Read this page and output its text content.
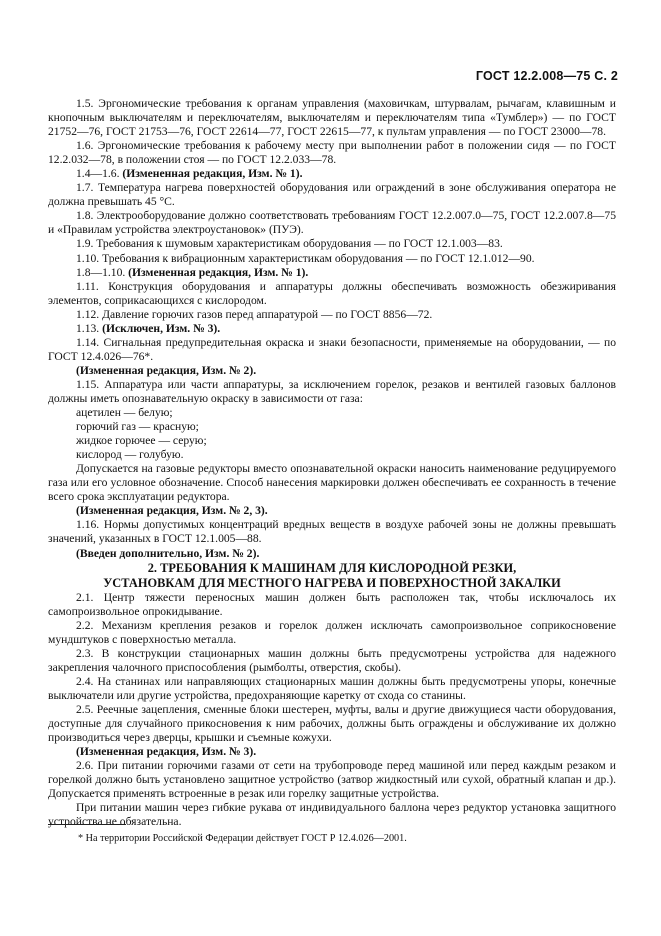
ГОСТ 12.2.008—75 С. 2

1.5. Эргономические требования к органам управления (маховичкам, штурвалам, рычагам, клавишным и кнопочным выключателям и переключателям, выключателям и переключателям типа «Тумблер») — по ГОСТ 21752—76, ГОСТ 21753—76, ГОСТ 22614—77, ГОСТ 22615—77, к пультам управления — по ГОСТ 23000—78.

1.6. Эргономические требования к рабочему месту при выполнении работ в положении сидя — по ГОСТ 12.2.032—78, в положении стоя — по ГОСТ 12.2.033—78.

1.4—1.6. (Измененная редакция, Изм. № 1).

1.7. Температура нагрева поверхностей оборудования или ограждений в зоне обслуживания оператора не должна превышать 45 °С.

1.8. Электрооборудование должно соответствовать требованиям ГОСТ 12.2.007.0—75, ГОСТ 12.2.007.8—75 и «Правилам устройства электроустановок» (ПУЭ).

1.9. Требования к шумовым характеристикам оборудования — по ГОСТ 12.1.003—83.

1.10. Требования к вибрационным характеристикам оборудования — по ГОСТ 12.1.012—90.

1.8—1.10. (Измененная редакция, Изм. № 1).

1.11. Конструкция оборудования и аппаратуры должны обеспечивать возможность обезжиривания элементов, соприкасающихся с кислородом.

1.12. Давление горючих газов перед аппаратурой — по ГОСТ 8856—72.

1.13. (Исключен, Изм. № 3).

1.14. Сигнальная предупредительная окраска и знаки безопасности, применяемые на оборудовании, — по ГОСТ 12.4.026—76*.

(Измененная редакция, Изм. № 2).

1.15. Аппаратура или части аппаратуры, за исключением горелок, резаков и вентилей газовых баллонов должны иметь опознавательную окраску в зависимости от газа:

ацетилен — белую;

горючий газ — красную;

жидкое горючее — серую;

кислород — голубую.

Допускается на газовые редукторы вместо опознавательной окраски наносить наименование редуцируемого газа или его условное обозначение. Способ нанесения маркировки должен обеспечивать ее сохранность в течение всего срока эксплуатации редуктора.

(Измененная редакция, Изм. № 2, 3).

1.16. Нормы допустимых концентраций вредных веществ в воздухе рабочей зоны не должны превышать значений, указанных в ГОСТ 12.1.005—88.

(Введен дополнительно, Изм. № 2).

2. ТРЕБОВАНИЯ К МАШИНАМ ДЛЯ КИСЛОРОДНОЙ РЕЗКИ,
УСТАНОВКАМ ДЛЯ МЕСТНОГО НАГРЕВА И ПОВЕРХНОСТНОЙ ЗАКАЛКИ

2.1. Центр тяжести переносных машин должен быть расположен так, чтобы исключалось их самопроизвольное опрокидывание.

2.2. Механизм крепления резаков и горелок должен исключать самопроизвольное соприкосновение мундштуков с поверхностью металла.

2.3. В конструкции стационарных машин должны быть предусмотрены устройства для надежного закрепления чалочного приспособления (рымболты, отверстия, скобы).

2.4. На станинах или направляющих стационарных машин должны быть предусмотрены упоры, конечные выключатели или другие устройства, предохраняющие каретку от схода со станины.

2.5. Реечные зацепления, сменные блоки шестерен, муфты, валы и другие движущиеся части оборудования, доступные для случайного прикосновения к ним рабочих, должны быть ограждены и обслуживание их должно производиться через дверцы, крышки и съемные кожухи.

(Измененная редакция, Изм. № 3).

2.6. При питании горючими газами от сети на трубопроводе перед машиной или перед каждым резаком и горелкой должно быть установлено защитное устройство (затвор жидкостный или сухой, обратный клапан и др.). Допускается применять встроенные в резак или горелку защитные устройства.

При питании машин через гибкие рукава от индивидуального баллона через редуктор установка защитного устройства не обязательна.

* На территории Российской Федерации действует ГОСТ Р 12.4.026—2001.
